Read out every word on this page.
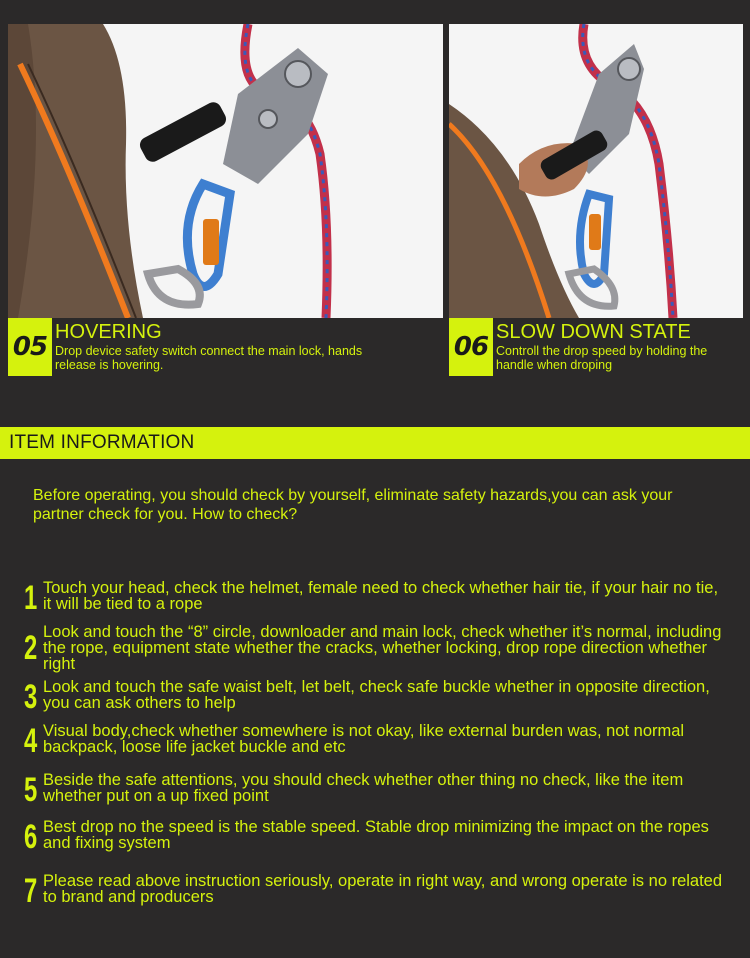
05 HOVERING
Drop device safety switch connect the main lock, hands release is hovering.
06 SLOW DOWN STATE
Controll the drop speed by holding the handle when droping
ITEM INFORMATION
Before operating, you should check by yourself, eliminate safety hazards,you can ask your partner check for you. How to check?
1 Touch your head, check the helmet, female need to check whether hair tie, if your hair no tie, it will be tied to a rope
2 Look and touch the “8” circle, downloader and main lock, check whether it’s normal, including the rope, equipment state whether the cracks, whether locking, drop rope direction whether right
3 Look and touch the safe waist belt, let belt, check safe buckle whether in opposite direction, you can ask others to help
4 Visual body,check whether somewhere is not okay, like external burden was, not normal backpack, loose life jacket buckle and etc
5 Beside the safe attentions, you should check whether other thing no check, like the item whether put on a up fixed point
6 Best drop no the speed is the stable speed. Stable drop minimizing the impact on the ropes and fixing system
7 Please read above instruction seriously, operate in right way, and wrong operate is no related to brand and producers
